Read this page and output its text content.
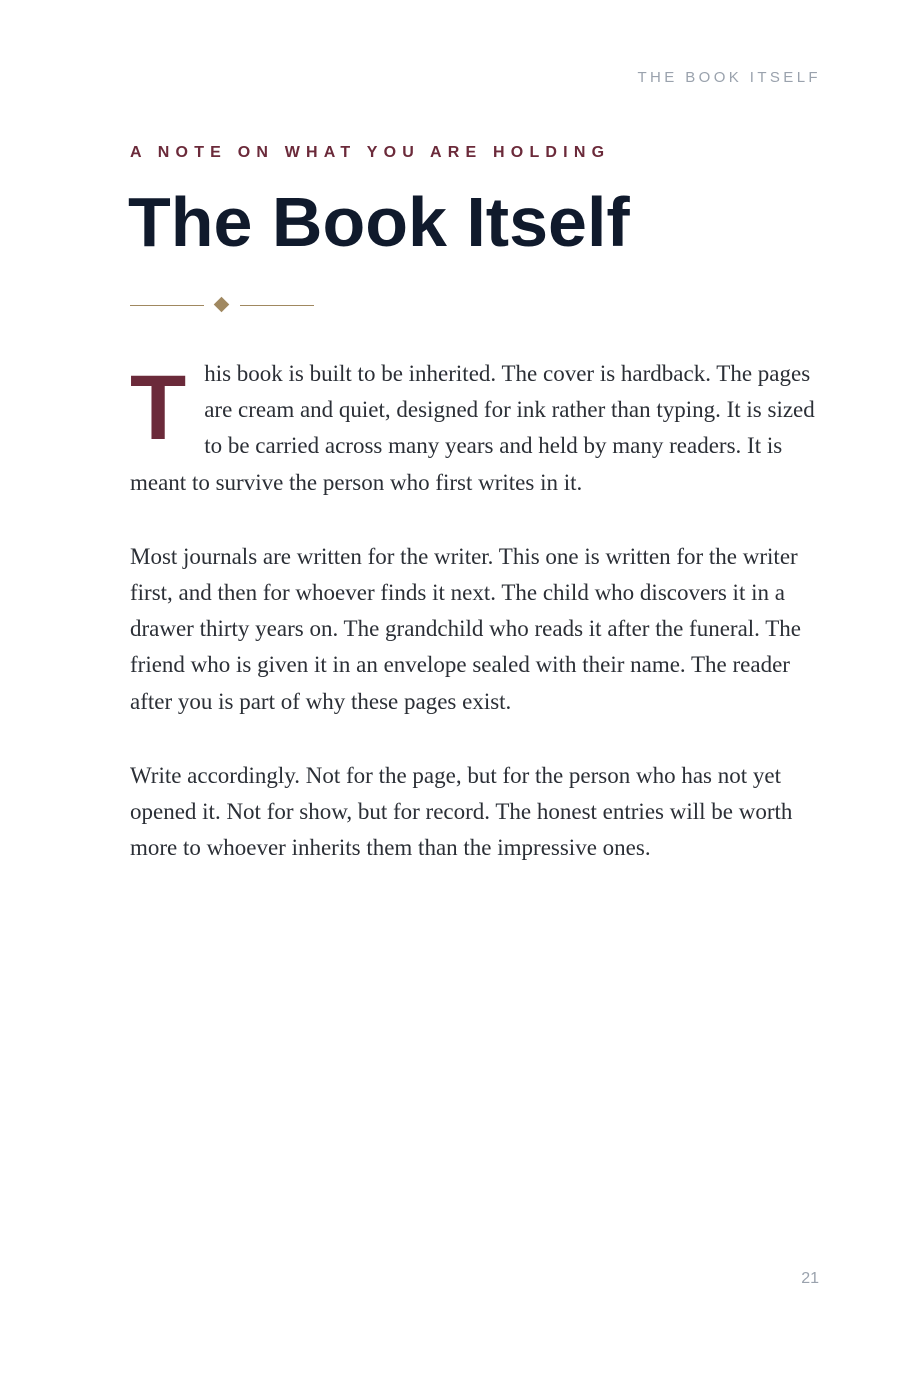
THE BOOK ITSELF
A NOTE ON WHAT YOU ARE HOLDING
The Book Itself

This book is built to be inherited. The cover is hardback. The pages are cream and quiet, designed for ink rather than typing. It is sized to be carried across many years and held by many readers. It is meant to survive the person who first writes in it.

Most journals are written for the writer. This one is written for the writer first, and then for whoever finds it next. The child who discovers it in a drawer thirty years on. The grandchild who reads it after the funeral. The friend who is given it in an envelope sealed with their name. The reader after you is part of why these pages exist.

Write accordingly. Not for the page, but for the person who has not yet opened it. Not for show, but for record. The honest entries will be worth more to whoever inherits them than the impressive ones.

21
